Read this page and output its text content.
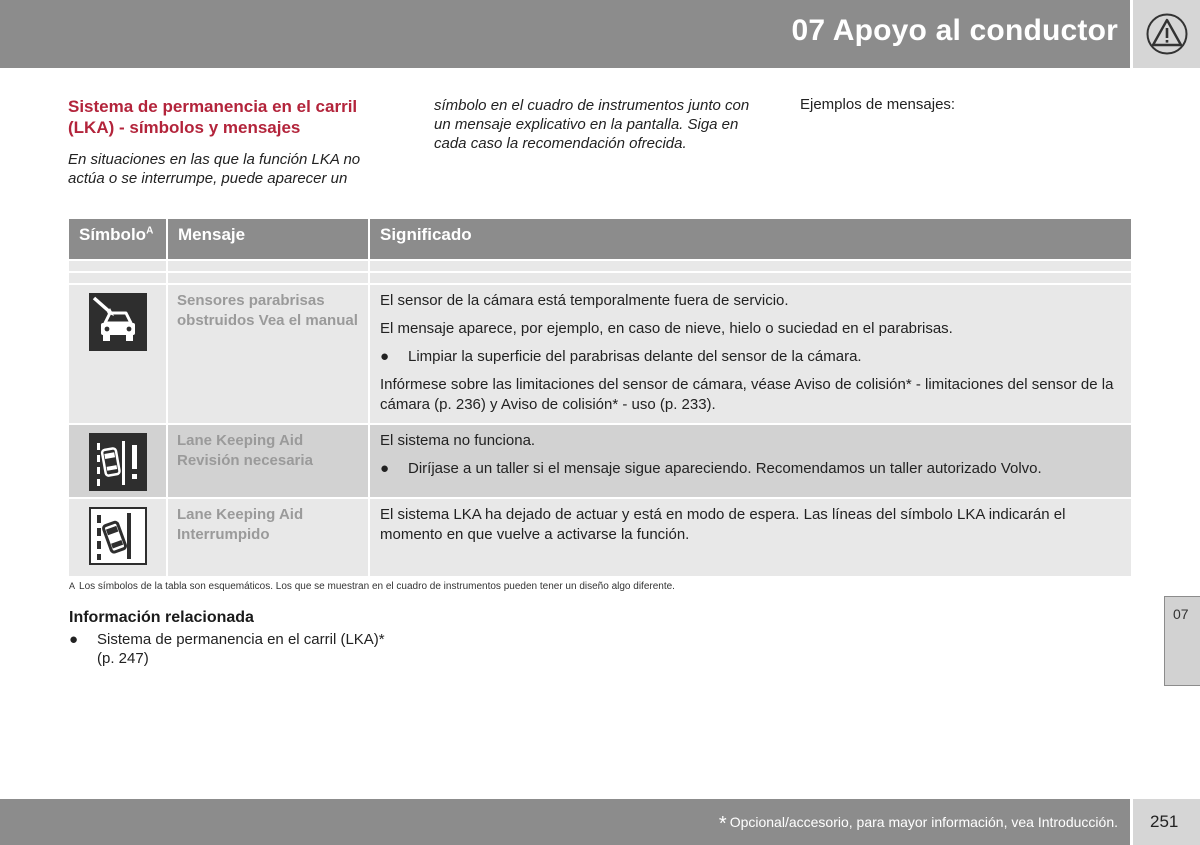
07 Apoyo al conductor
Sistema de permanencia en el carril (LKA) - símbolos y mensajes
En situaciones en las que la función LKA no actúa o se interrumpe, puede aparecer un
símbolo en el cuadro de instrumentos junto con un mensaje explicativo en la pantalla. Siga en cada caso la recomendación ofrecida.
Ejemplos de mensajes:
Símbolo$^A$	Mensaje	Significado

	Sensores parabrisas obstruidos Vea el manual	El sensor de la cámara está temporalmente fuera de servicio.

El mensaje aparece, por ejemplo, en caso de nieve, hielo o suciedad en el parabrisas.

● Limpiar la superficie del parabrisas delante del sensor de la cámara.

Infórmese sobre las limitaciones del sensor de cámara, véase Aviso de colisión* - limitaciones del sensor de la cámara (p. 236) y Aviso de colisión* - uso (p. 233).

	Lane Keeping Aid Revisión necesaria	El sistema no funciona.

● Diríjase a un taller si el mensaje sigue apareciendo. Recomendamos un taller autorizado Volvo.

	Lane Keeping Aid Interrumpido	El sistema LKA ha dejado de actuar y está en modo de espera. Las líneas del símbolo LKA indicarán el momento en que vuelve a activarse la función.

A Los símbolos de la tabla son esquemáticos. Los que se muestran en el cuadro de instrumentos pueden tener un diseño algo diferente.
Información relacionada
●	Sistema de permanencia en el carril (LKA)* (p. 247)
07
* Opcional/accesorio, para mayor información, vea Introducción. 251
